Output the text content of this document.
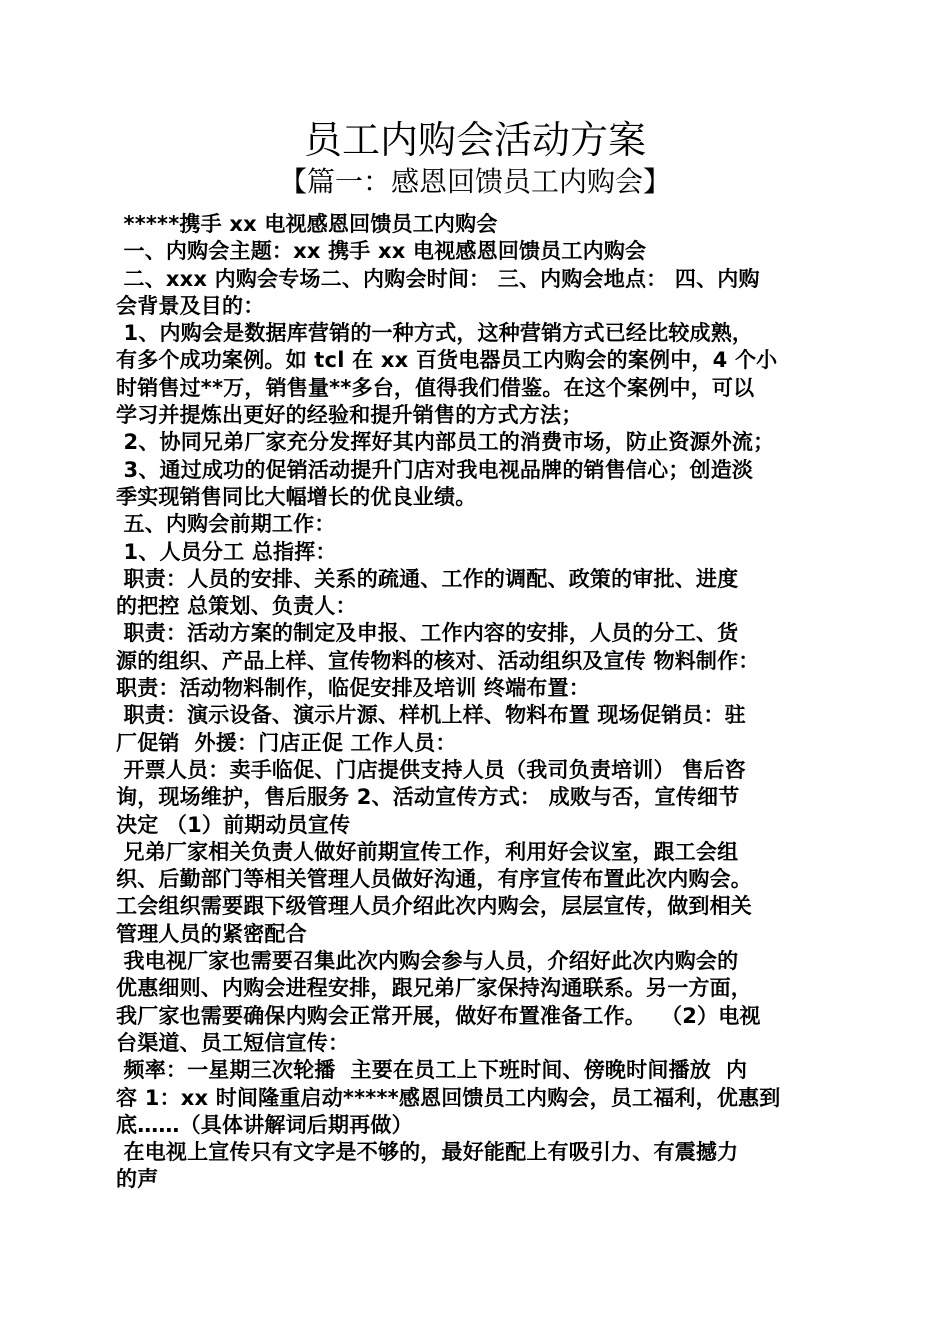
员工内购会活动方案
【篇一：感恩回馈员工内购会】
*****携手 xx 电视感恩回馈员工内购会
一、内购会主题：xx 携手 xx 电视感恩回馈员工内购会
二、xxx 内购会专场二、内购会时间： 三、内购会地点： 四、内购
会背景及目的：
1、内购会是数据库营销的一种方式，这种营销方式已经比较成熟，
有多个成功案例。如 tcl 在 xx 百货电器员工内购会的案例中，4 个小
时销售过**万，销售量**多台，值得我们借鉴。在这个案例中，可以
学习并提炼出更好的经验和提升销售的方式方法；
2、协同兄弟厂家充分发挥好其内部员工的消费市场，防止资源外流；
3、通过成功的促销活动提升门店对我电视品牌的销售信心；创造淡
季实现销售同比大幅增长的优良业绩。
五、内购会前期工作：
1、人员分工 总指挥：
职责：人员的安排、关系的疏通、工作的调配、政策的审批、进度
的把控 总策划、负责人：
职责：活动方案的制定及申报、工作内容的安排，人员的分工、货
源的组织、产品上样、宣传物料的核对、活动组织及宣传 物料制作：
职责：活动物料制作，临促安排及培训 终端布置：
职责：演示设备、演示片源、样机上样、物料布置 现场促销员：驻
厂促销  外援：门店正促 工作人员：
开票人员：卖手临促、门店提供支持人员（我司负责培训） 售后咨
询，现场维护，售后服务 2、活动宣传方式： 成败与否，宣传细节
决定 （1）前期动员宣传
兄弟厂家相关负责人做好前期宣传工作，利用好会议室，跟工会组
织、后勤部门等相关管理人员做好沟通，有序宣传布置此次内购会。
工会组织需要跟下级管理人员介绍此次内购会，层层宣传，做到相关
管理人员的紧密配合
我电视厂家也需要召集此次内购会参与人员，介绍好此次内购会的
优惠细则、内购会进程安排，跟兄弟厂家保持沟通联系。另一方面，
我厂家也需要确保内购会正常开展，做好布置准备工作。  （2）电视
台渠道、员工短信宣传：
频率：一星期三次轮播  主要在员工上下班时间、傍晚时间播放  内
容 1：xx 时间隆重启动*****感恩回馈员工内购会，员工福利，优惠到
底……（具体讲解词后期再做）
在电视上宣传只有文字是不够的，最好能配上有吸引力、有震撼力
的声
